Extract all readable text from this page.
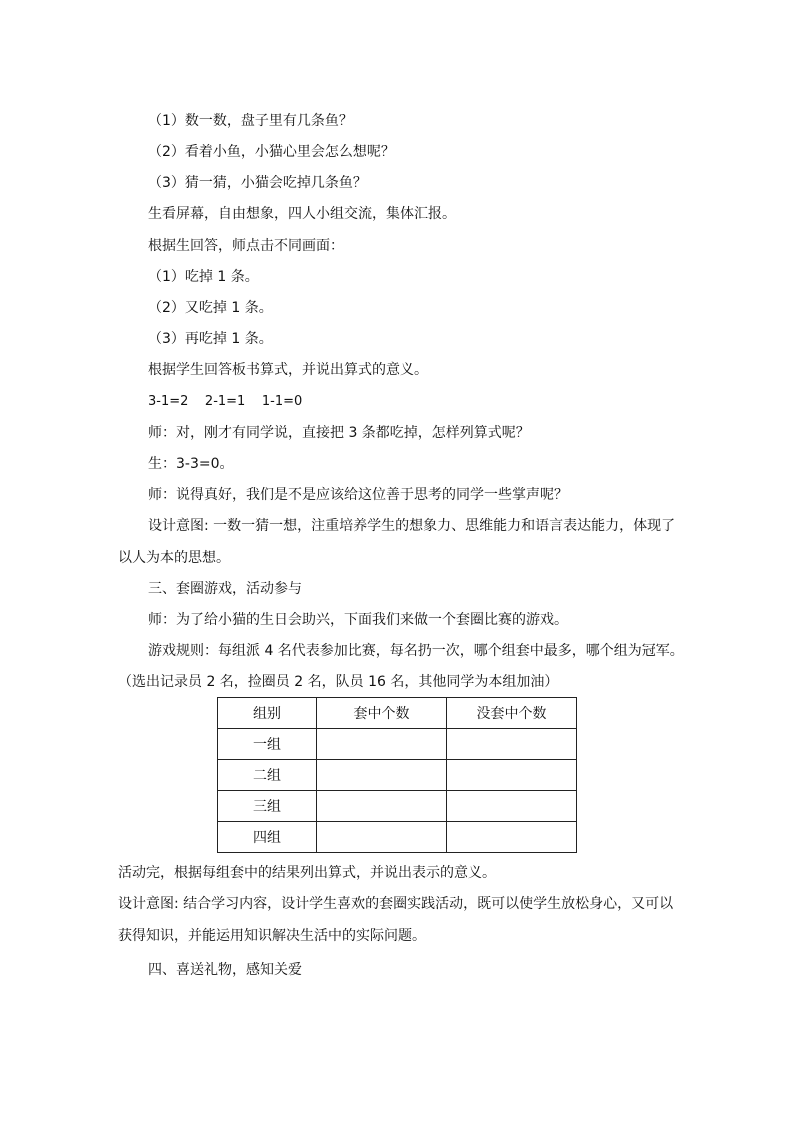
（1）数一数，盘子里有几条鱼？
（2）看着小鱼，小猫心里会怎么想呢？
（3）猜一猜，小猫会吃掉几条鱼？
生看屏幕，自由想象，四人小组交流，集体汇报。
根据生回答，师点击不同画面：
（1）吃掉 1 条。
（2）又吃掉 1 条。
（3）再吃掉 1 条。
根据学生回答板书算式，并说出算式的意义。
3-1=2    2-1=1    1-1=0
师：对，刚才有同学说，直接把 3 条都吃掉，怎样列算式呢？
生：3-3=0。
师：说得真好，我们是不是应该给这位善于思考的同学一些掌声呢？
设计意图: 一数一猜一想，注重培养学生的想象力、思维能力和语言表达能力，体现了
以人为本的思想。
三、套圈游戏，活动参与
师：为了给小猫的生日会助兴，下面我们来做一个套圈比赛的游戏。
游戏规则：每组派 4 名代表参加比赛，每名扔一次，哪个组套中最多，哪个组为冠军。
（选出记录员 2 名，捡圈员 2 名，队员 16 名，其他同学为本组加油）
组别	套中个数	没套中个数
一组		
二组		
三组		
四组		
活动完，根据每组套中的结果列出算式，并说出表示的意义。
设计意图: 结合学习内容，设计学生喜欢的套圈实践活动，既可以使学生放松身心，又可以
获得知识，并能运用知识解决生活中的实际问题。
四、喜送礼物，感知关爱
